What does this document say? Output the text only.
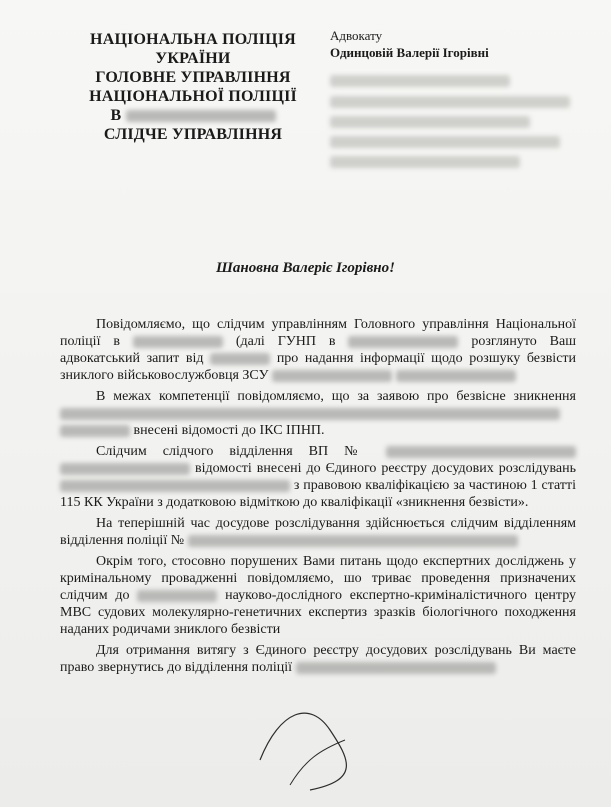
НАЦІОНАЛЬНА ПОЛІЦІЯ
УКРАЇНИ
ГОЛОВНЕ УПРАВЛІННЯ
НАЦІОНАЛЬНОЇ ПОЛІЦІЇ
В
СЛІДЧЕ УПРАВЛІННЯ
Адвокату
Одинцовій Валерії Ігорівні

Шановна Валеріє Ігорівно!

Повідомляємо, що слідчим управлінням Головного управління Національної поліції в	(далі ГУНП в	розглянуто Ваш адвокатський запит від	про надання інформації щодо розшуку безвісти зниклого військовослужбовця ЗСУ

В межах компетенції повідомляємо, що за заявою про безвісне зникнення   внесені відомості до ІКС ІПНП.

Слідчим слідчого відділення ВП №   відомості внесені до Єдиного реєстру досудових розслідувань  з правовою кваліфікацією за частиною 1 статті 115 КК України з додатковою відміткою до кваліфікації «зникнення безвісти».

На теперішній час досудове розслідування здійснюється слідчим відділенням відділення поліції №

Окрім того, стосовно порушених Вами питань щодо експертних досліджень у кримінальному провадженні повідомляємо, шо триває проведення призначених слідчим до	науково-дослідного експертно-криміналістичного центру МВС судових молекулярно-генетичних експертиз зразків біологічного походження наданих родичами зниклого безвісти

Для отримання витягу з Єдиного реєстру досудових розслідувань Ви маєте право звернутись до відділення поліції
